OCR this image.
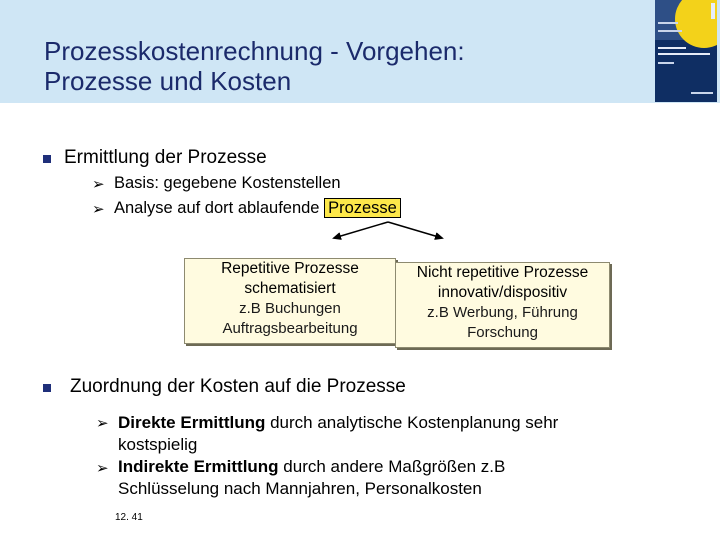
Prozesskostenrechnung - Vorgehen:
Prozesse und Kosten
Ermittlung der Prozesse
➢ Basis: gegebene Kostenstellen
➢ Analyse auf dort ablaufende Prozesse
Repetitive Prozesse
schematisiert
z.B Buchungen
Auftragsbearbeitung
Nicht repetitive Prozesse
innovativ/dispositiv
z.B Werbung, Führung
Forschung
Zuordnung der Kosten auf die Prozesse
➢ Direkte Ermittlung durch analytische Kostenplanung sehr kostspielig
➢ Indirekte Ermittlung durch andere Maßgrößen z.B Schlüsselung nach Mannjahren, Personalkosten
12. 41
